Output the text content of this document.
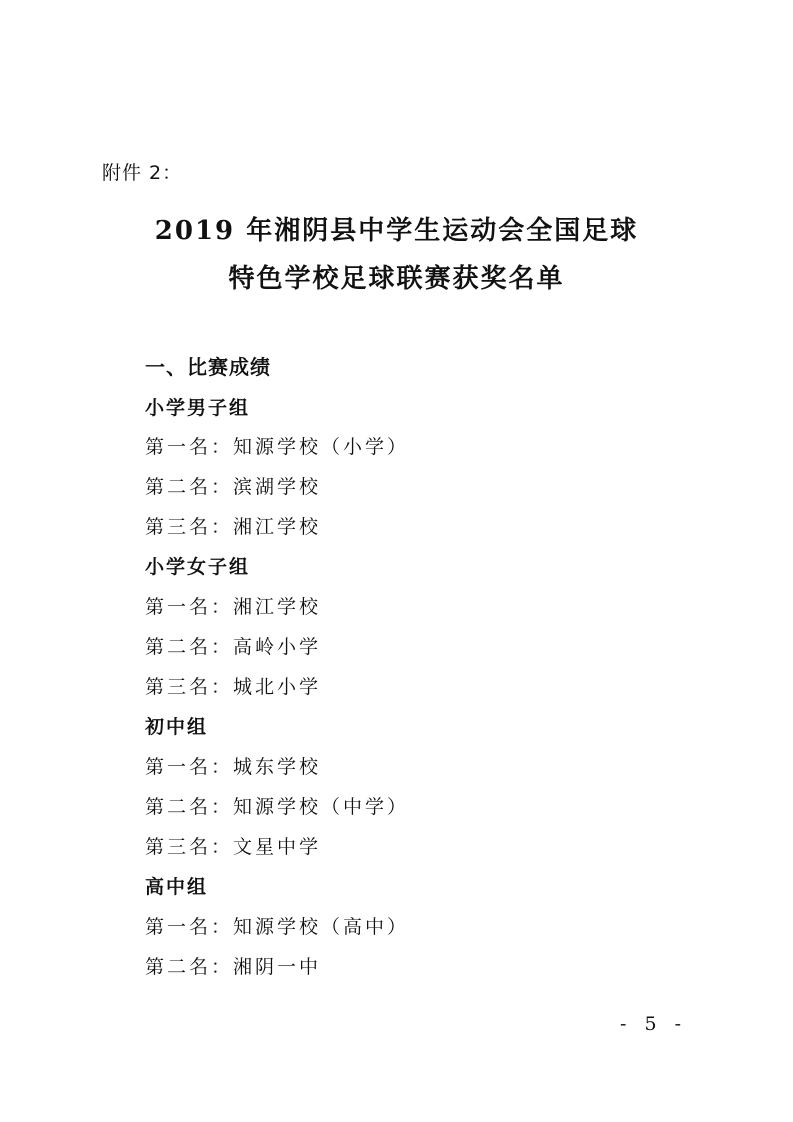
附件 2：
2019 年湘阴县中学生运动会全国足球
特色学校足球联赛获奖名单
一、比赛成绩
小学男子组
第一名：知源学校（小学）
第二名：滨湖学校
第三名：湘江学校
小学女子组
第一名：湘江学校
第二名：高岭小学
第三名：城北小学
初中组
第一名：城东学校
第二名：知源学校（中学）
第三名：文星中学
高中组
第一名：知源学校（高中）
第二名：湘阴一中
- 5 -
